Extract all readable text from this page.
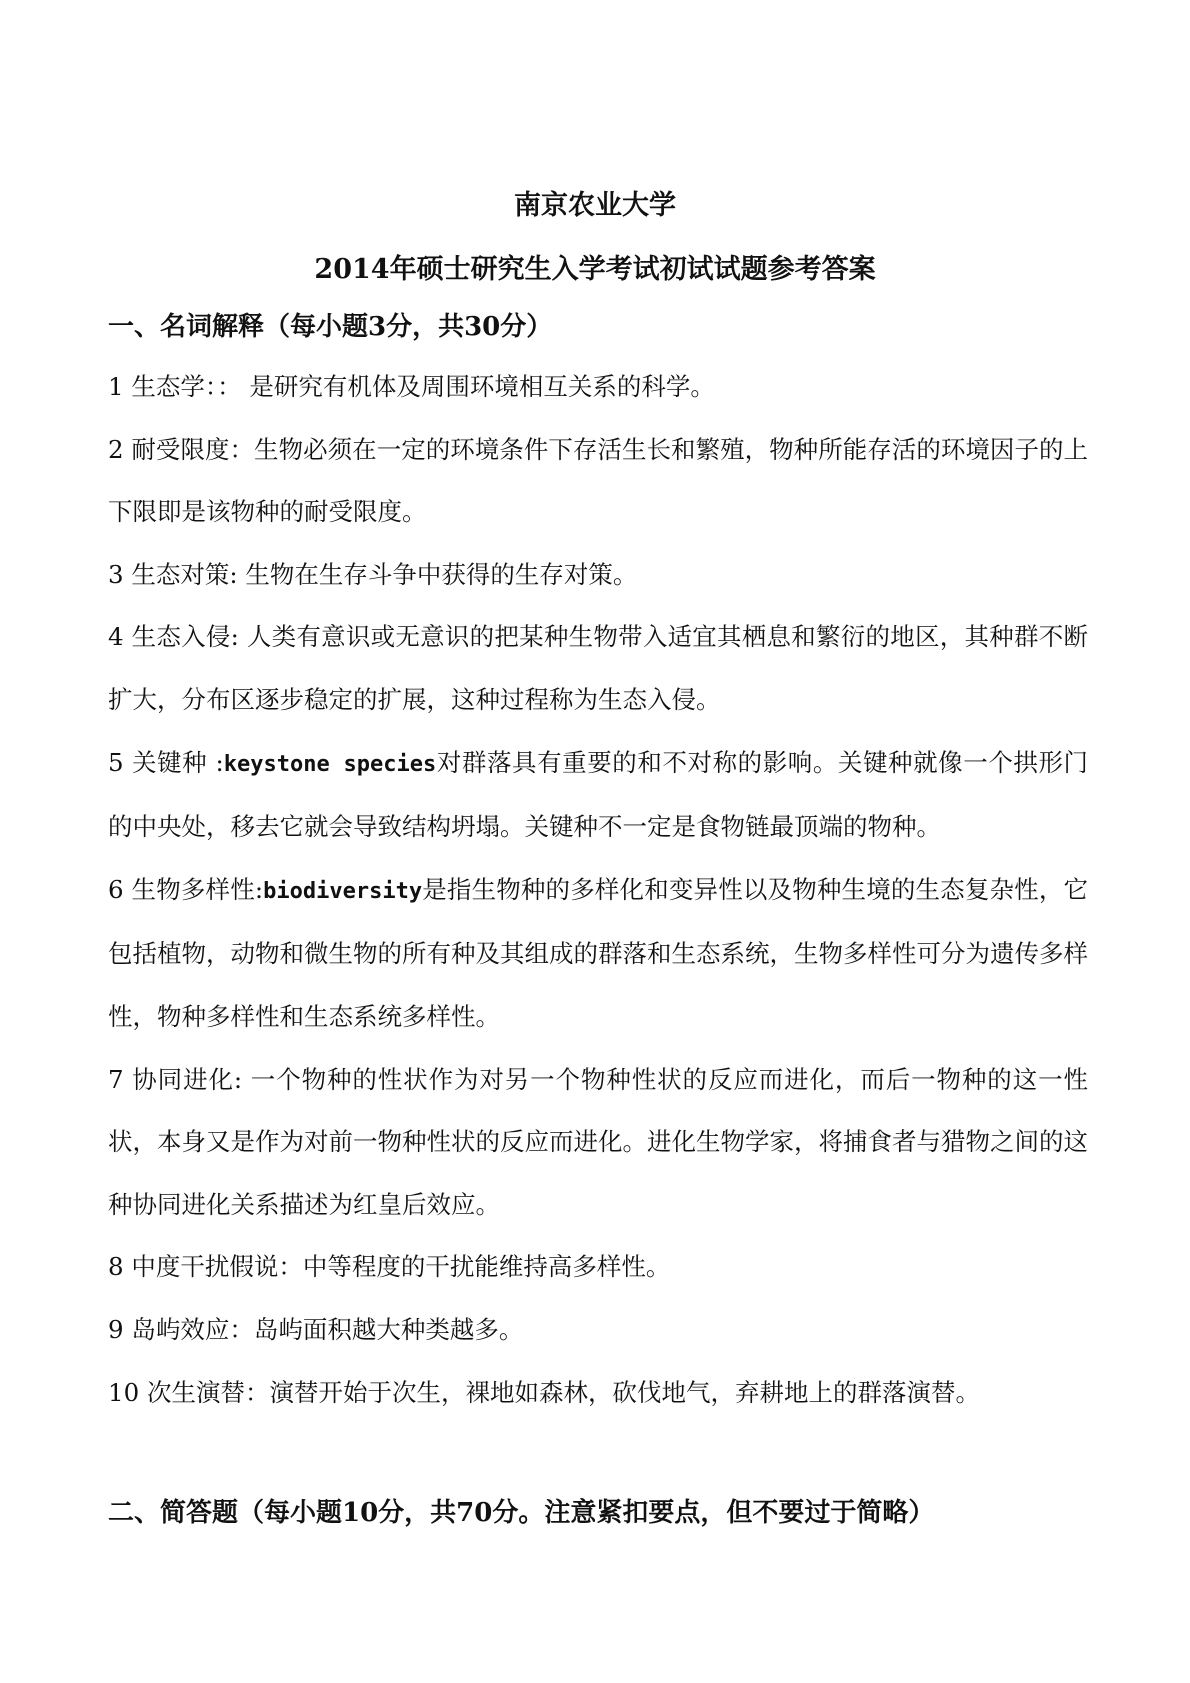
南京农业大学
2014年硕士研究生入学考试初试试题参考答案
一、名词解释（每小题3分，共30分）
1 生态学：： 是研究有机体及周围环境相互关系的科学。
2 耐受限度：生物必须在一定的环境条件下存活生长和繁殖，物种所能存活的环境因子的上下限即是该物种的耐受限度。
3 生态对策: 生物在生存斗争中获得的生存对策。
4 生态入侵: 人类有意识或无意识的把某种生物带入适宜其栖息和繁衍的地区，其种群不断扩大，分布区逐步稳定的扩展，这种过程称为生态入侵。
5 关键种 :keystone species对群落具有重要的和不对称的影响。关键种就像一个拱形门的中央处，移去它就会导致结构坍塌。关键种不一定是食物链最顶端的物种。
6 生物多样性:biodiversity是指生物种的多样化和变异性以及物种生境的生态复杂性，它包括植物，动物和微生物的所有种及其组成的群落和生态系统，生物多样性可分为遗传多样性，物种多样性和生态系统多样性。
7 协同进化: 一个物种的性状作为对另一个物种性状的反应而进化，而后一物种的这一性状，本身又是作为对前一物种性状的反应而进化。进化生物学家，将捕食者与猎物之间的这种协同进化关系描述为红皇后效应。
8 中度干扰假说：中等程度的干扰能维持高多样性。
9 岛屿效应：岛屿面积越大种类越多。
10 次生演替：演替开始于次生，裸地如森林，砍伐地气，弃耕地上的群落演替。
二、简答题（每小题10分，共70分。注意紧扣要点，但不要过于简略）
